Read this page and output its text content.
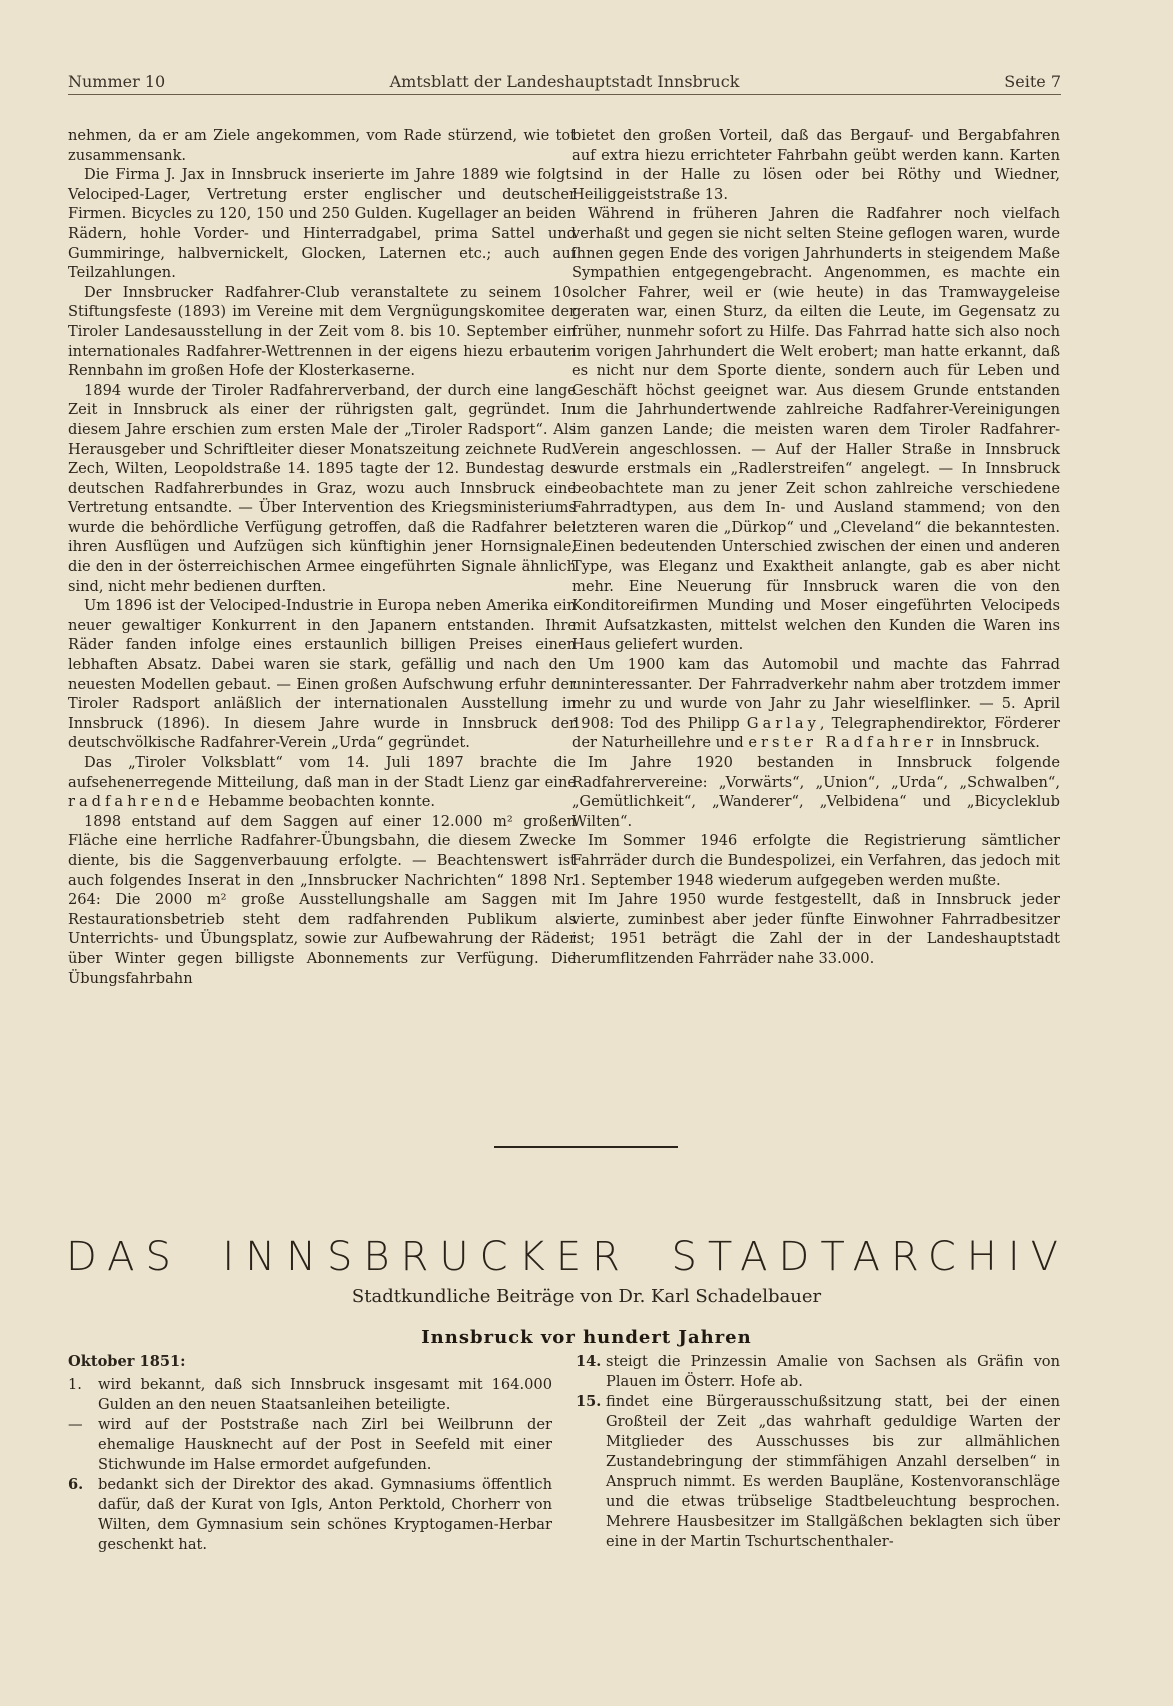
Nummer 10	Amtsblatt der Landeshauptstadt Innsbruck	Seite 7

nehmen, da er am Ziele angekommen, vom Rade stürzend, wie tot zusammensank.

Die Firma J. Jax in Innsbruck inserierte im Jahre 1889 wie folgt: Velociped-Lager, Vertretung erster englischer und deutscher Firmen. Bicycles zu 120, 150 und 250 Gulden. Kugellager an beiden Rädern, hohle Vorder- und Hinterradgabel, prima Sattel und Gummiringe, halbvernickelt, Glocken, Laternen etc.; auch auf Teilzahlungen.

Der Innsbrucker Radfahrer-Club veranstaltete zu seinem 10. Stiftungsfeste (1893) im Vereine mit dem Vergnügungskomitee der Tiroler Landesausstellung in der Zeit vom 8. bis 10. September ein internationales Radfahrer-Wettrennen in der eigens hiezu erbauten Rennbahn im großen Hofe der Klosterkaserne.

1894 wurde der Tiroler Radfahrerverband, der durch eine lange Zeit in Innsbruck als einer der rührigsten galt, gegründet. In diesem Jahre erschien zum ersten Male der „Tiroler Radsport“. Als Herausgeber und Schriftleiter dieser Monatszeitung zeichnete Rud. Zech, Wilten, Leopoldstraße 14. 1895 tagte der 12. Bundestag des deutschen Radfahrerbundes in Graz, wozu auch Innsbruck eine Vertretung entsandte. — Über Intervention des Kriegsministeriums wurde die behördliche Verfügung getroffen, daß die Radfahrer bei ihren Ausflügen und Aufzügen sich künftighin jener Hornsignale, die den in der österreichischen Armee eingeführten Signale ähnlich sind, nicht mehr bedienen durften.

Um 1896 ist der Velociped-Industrie in Europa neben Amerika ein neuer gewaltiger Konkurrent in den Japanern entstanden. Ihre Räder fanden infolge eines erstaunlich billigen Preises einen lebhaften Absatz. Dabei waren sie stark, gefällig und nach den neuesten Modellen gebaut. — Einen großen Aufschwung erfuhr der Tiroler Radsport anläßlich der internationalen Ausstellung in Innsbruck (1896). In diesem Jahre wurde in Innsbruck der deutschvölkische Radfahrer-Verein „Urda“ gegründet.

Das „Tiroler Volksblatt“ vom 14. Juli 1897 brachte die aufsehenerregende Mitteilung, daß man in der Stadt Lienz gar eine radfahrende Hebamme beobachten konnte.

1898 entstand auf dem Saggen auf einer 12.000 m² großen Fläche eine herrliche Radfahrer-Übungsbahn, die diesem Zwecke diente, bis die Saggenverbauung erfolgte. — Beachtenswert ist auch folgendes Inserat in den „Innsbrucker Nachrichten“ 1898 Nr. 264: Die 2000 m² große Ausstellungshalle am Saggen mit Restaurationsbetrieb steht dem radfahrenden Publikum als Unterrichts- und Übungsplatz, sowie zur Aufbewahrung der Räder über Winter gegen billigste Abonnements zur Verfügung. Die Übungsfahrbahn

bietet den großen Vorteil, daß das Bergauf- und Bergabfahren auf extra hiezu errichteter Fahrbahn geübt werden kann. Karten sind in der Halle zu lösen oder bei Röthy und Wiedner, Heiliggeiststraße 13.

Während in früheren Jahren die Radfahrer noch vielfach verhaßt und gegen sie nicht selten Steine geflogen waren, wurde ihnen gegen Ende des vorigen Jahrhunderts in steigendem Maße Sympathien entgegengebracht. Angenommen, es machte ein solcher Fahrer, weil er (wie heute) in das Tramwaygeleise geraten war, einen Sturz, da eilten die Leute, im Gegensatz zu früher, nunmehr sofort zu Hilfe. Das Fahrrad hatte sich also noch im vorigen Jahrhundert die Welt erobert; man hatte erkannt, daß es nicht nur dem Sporte diente, sondern auch für Leben und Geschäft höchst geeignet war. Aus diesem Grunde entstanden um die Jahrhundertwende zahlreiche Radfahrer-Vereinigungen im ganzen Lande; die meisten waren dem Tiroler Radfahrer-Verein angeschlossen. — Auf der Haller Straße in Innsbruck wurde erstmals ein „Radlerstreifen“ angelegt. — In Innsbruck beobachtete man zu jener Zeit schon zahlreiche verschiedene Fahrradtypen, aus dem In- und Ausland stammend; von den letzteren waren die „Dürkop“ und „Cleveland“ die bekanntesten. Einen bedeutenden Unterschied zwischen der einen und anderen Type, was Eleganz und Exaktheit anlangte, gab es aber nicht mehr. Eine Neuerung für Innsbruck waren die von den Konditoreifirmen Munding und Moser eingeführten Velocipeds mit Aufsatzkasten, mittelst welchen den Kunden die Waren ins Haus geliefert wurden.

Um 1900 kam das Automobil und machte das Fahrrad uninteressanter. Der Fahrradverkehr nahm aber trotzdem immer mehr zu und wurde von Jahr zu Jahr wieselflinker. — 5. April 1908: Tod des Philipp Garlay, Telegraphendirektor, Förderer der Naturheillehre und erster Radfahrer in Innsbruck.

Im Jahre 1920 bestanden in Innsbruck folgende Radfahrervereine: „Vorwärts“, „Union“, „Urda“, „Schwalben“, „Gemütlichkeit“, „Wanderer“, „Velbidena“ und „Bicycleklub Wilten“.

Im Sommer 1946 erfolgte die Registrierung sämtlicher Fahrräder durch die Bundespolizei, ein Verfahren, das jedoch mit 1. September 1948 wiederum aufgegeben werden mußte.

Im Jahre 1950 wurde festgestellt, daß in Innsbruck jeder vierte, zuminbest aber jeder fünfte Einwohner Fahrradbesitzer ist; 1951 beträgt die Zahl der in der Landeshauptstadt herumflitzenden Fahrräder nahe 33.000.

DAS INNSBRUCKER STADTARCHIV
Stadtkundliche Beiträge von Dr. Karl Schadelbauer
Innsbruck vor hundert Jahren

Oktober 1851:

1.	wird bekannt, daß sich Innsbruck insgesamt mit 164.000 Gulden an den neuen Staatsanleihen beteiligte.

—	wird auf der Poststraße nach Zirl bei Weilbrunn der ehemalige Hausknecht auf der Post in Seefeld mit einer Stichwunde im Halse ermordet aufgefunden.

6.	bedankt sich der Direktor des akad. Gymnasiums öffentlich dafür, daß der Kurat von Igls, Anton Perktold, Chorherr von Wilten, dem Gymnasium sein schönes Kryptogamen-Herbar geschenkt hat.

14. steigt die Prinzessin Amalie von Sachsen als Gräfin von Plauen im Österr. Hofe ab.

15. findet eine Bürgerausschußsitzung statt, bei der einen Großteil der Zeit „das wahrhaft geduldige Warten der Mitglieder des Ausschusses bis zur allmählichen Zustandebringung der stimmfähigen Anzahl derselben“ in Anspruch nimmt. Es werden Baupläne, Kostenvoranschläge und die etwas trübselige Stadtbeleuchtung besprochen. Mehrere Hausbesitzer im Stallgäßchen beklagten sich über eine in der Martin Tschurtschenthaler-
